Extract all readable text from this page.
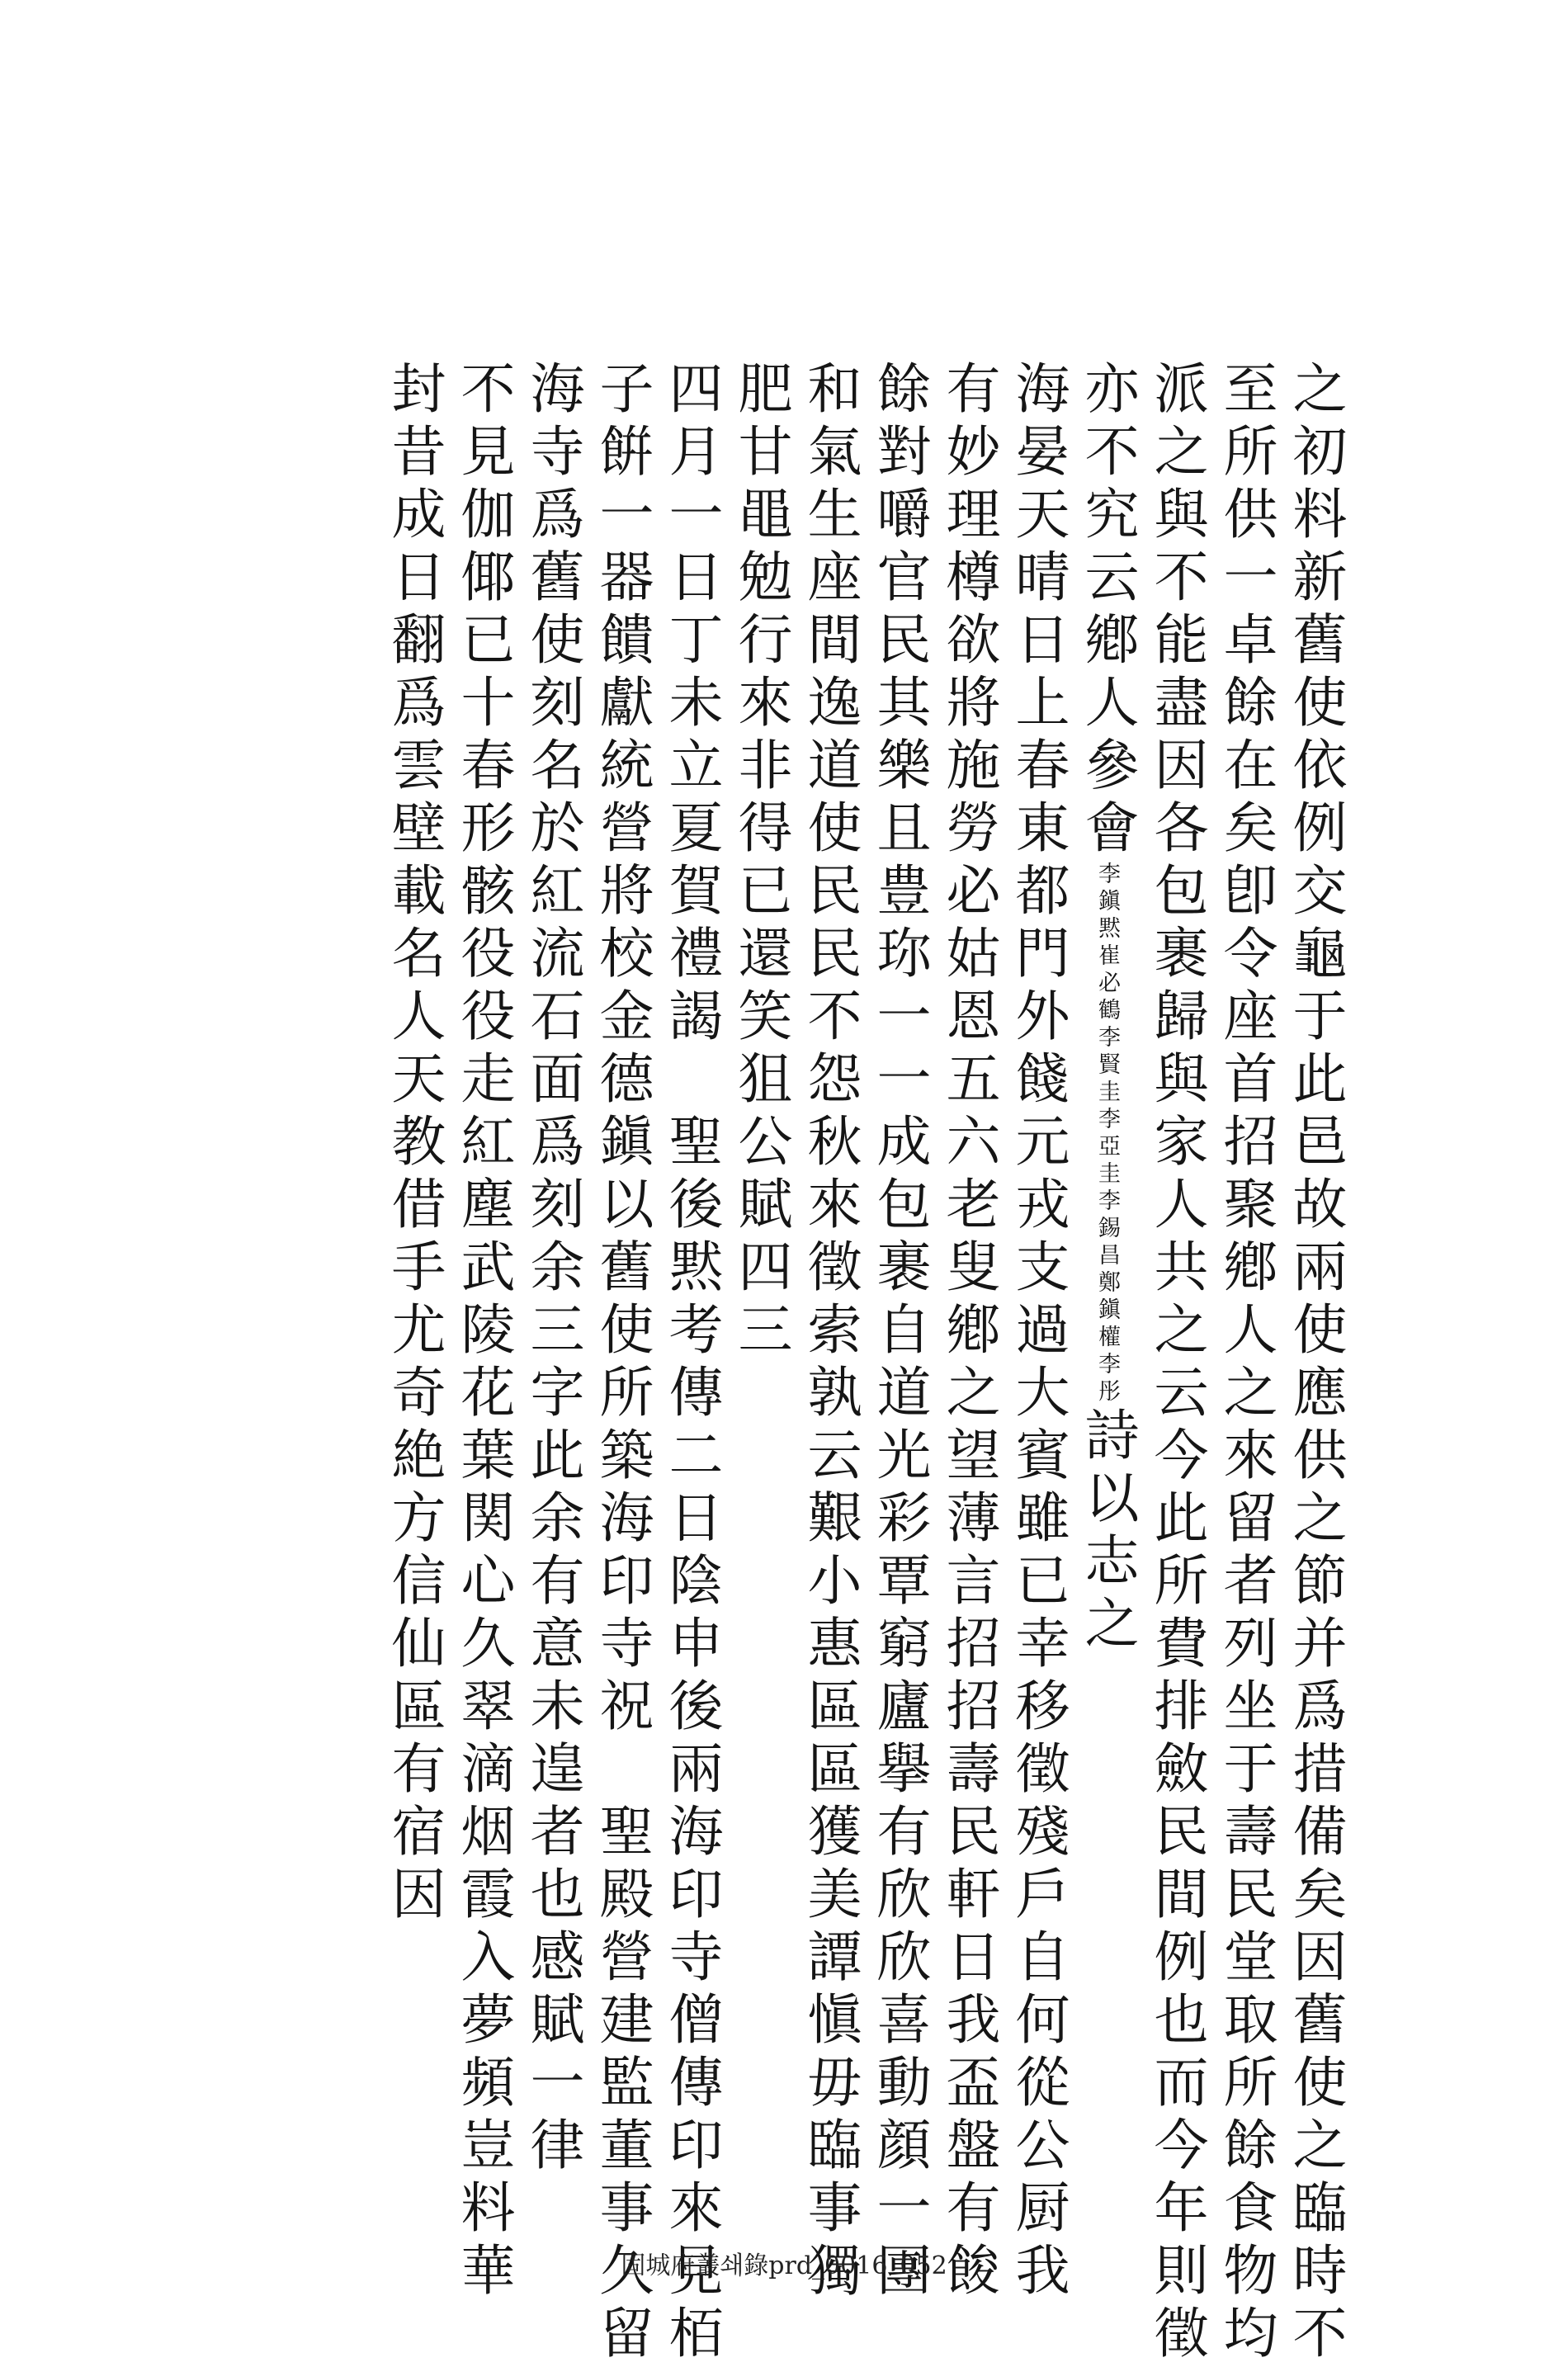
之初料新舊使依例交龜于此邑故兩使應供之節并爲措備矣因舊使之臨時不
至所供一卓餘在矣卽令座首招聚鄕人之來留者列坐于壽民堂取所餘食物均
派之與不能盡因各包裹歸與家人共之云今此所費排斂民間例也而今年則徵
亦不究云鄕人參會李鎭黙崔必鶴李賢圭李亞圭李錫昌鄭鎭權李彤詩以志之
海晏天晴日上春東都門外餞元戎支過大賓雖已幸移徵殘戶自何從公厨我
有妙理樽欲將施勞必姑恩五六老叟鄕之望薄言招招壽民軒日我盃盤有餕
餘對嚼官民其樂且豊珎一一成包裹自道光彩覃窮廬擧有欣欣喜動顔一團
和氣生座間逸道使民民不怨秋來徵索孰云艱小惠區區獲美譚愼毋臨事獨
肥甘黽勉行來非得已還笑狙公賦四三
四月一日丁未立夏賀禮謁　聖後黙考傳二日陰申後兩海印寺僧傳印來見栢
子餠一器饋獻統營將校金德鎭以舊使所築海印寺祝　聖殿營建監董事久留
海寺爲舊使刻名於紅流石面爲刻余三字此余有意未遑者也感賦一律
不見伽倻已十春形骸役役走紅塵武陵花葉関心久翠滴烟霞入夢頻豈料華
封昔成日翻爲雲壁載名人天教借手尤奇絶方信仙區有宿因
固城府叢쇄錄prd_0016_052
